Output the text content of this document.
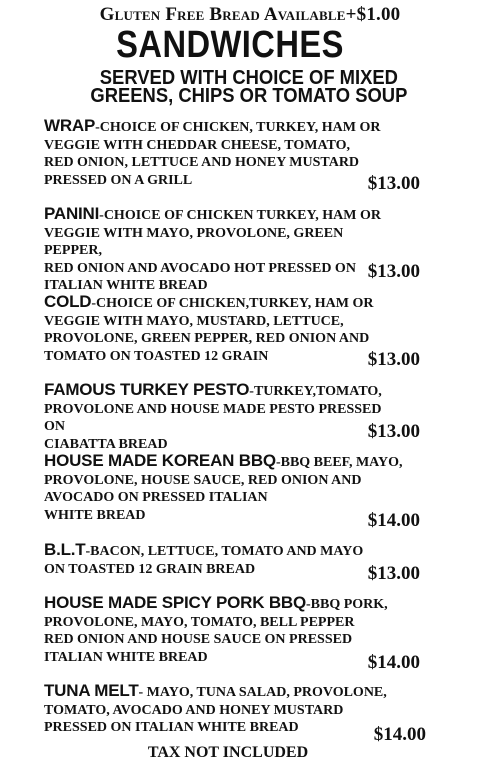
Gluten Free Bread Available+$1.00
SANDWICHES
SERVED WITH CHOICE OF MIXED
GREENS, CHIPS OR TOMATO SOUP
WRAP-CHOICE OF CHICKEN, TURKEY, HAM OR
VEGGIE WITH CHEDDAR CHEESE, TOMATO,
RED ONION, LETTUCE AND HONEY MUSTARD
PRESSED ON A GRILL	$13.00
PANINI-CHOICE OF CHICKEN TURKEY, HAM OR
VEGGIE WITH MAYO, PROVOLONE, GREEN PEPPER,
RED ONION AND AVOCADO HOT PRESSED ON
ITALIAN WHITE BREAD
$13.00
COLD-CHOICE OF CHICKEN,TURKEY, HAM OR
VEGGIE WITH MAYO, MUSTARD, LETTUCE,
PROVOLONE, GREEN PEPPER, RED ONION AND
TOMATO ON TOASTED 12 GRAIN	$13.00
FAMOUS TURKEY PESTO-TURKEY,TOMATO,
PROVOLONE AND HOUSE MADE PESTO PRESSED ON
CIABATTA BREAD
$13.00
HOUSE MADE KOREAN BBQ-BBQ BEEF, MAYO,
PROVOLONE, HOUSE SAUCE, RED ONION AND
AVOCADO ON PRESSED ITALIAN
WHITE BREAD	$14.00
B.L.T-BACON, LETTUCE, TOMATO AND MAYO
ON TOASTED 12 GRAIN BREAD	$13.00
HOUSE MADE SPICY PORK BBQ-BBQ PORK,
PROVOLONE, MAYO, TOMATO, BELL PEPPER
RED ONION AND HOUSE SAUCE ON PRESSED
ITALIAN WHITE BREAD	$14.00
TUNA MELT- MAYO, TUNA SALAD, PROVOLONE,
TOMATO, AVOCADO AND HONEY MUSTARD
PRESSED ON ITALIAN WHITE BREAD	$14.00
TAX NOT INCLUDED
